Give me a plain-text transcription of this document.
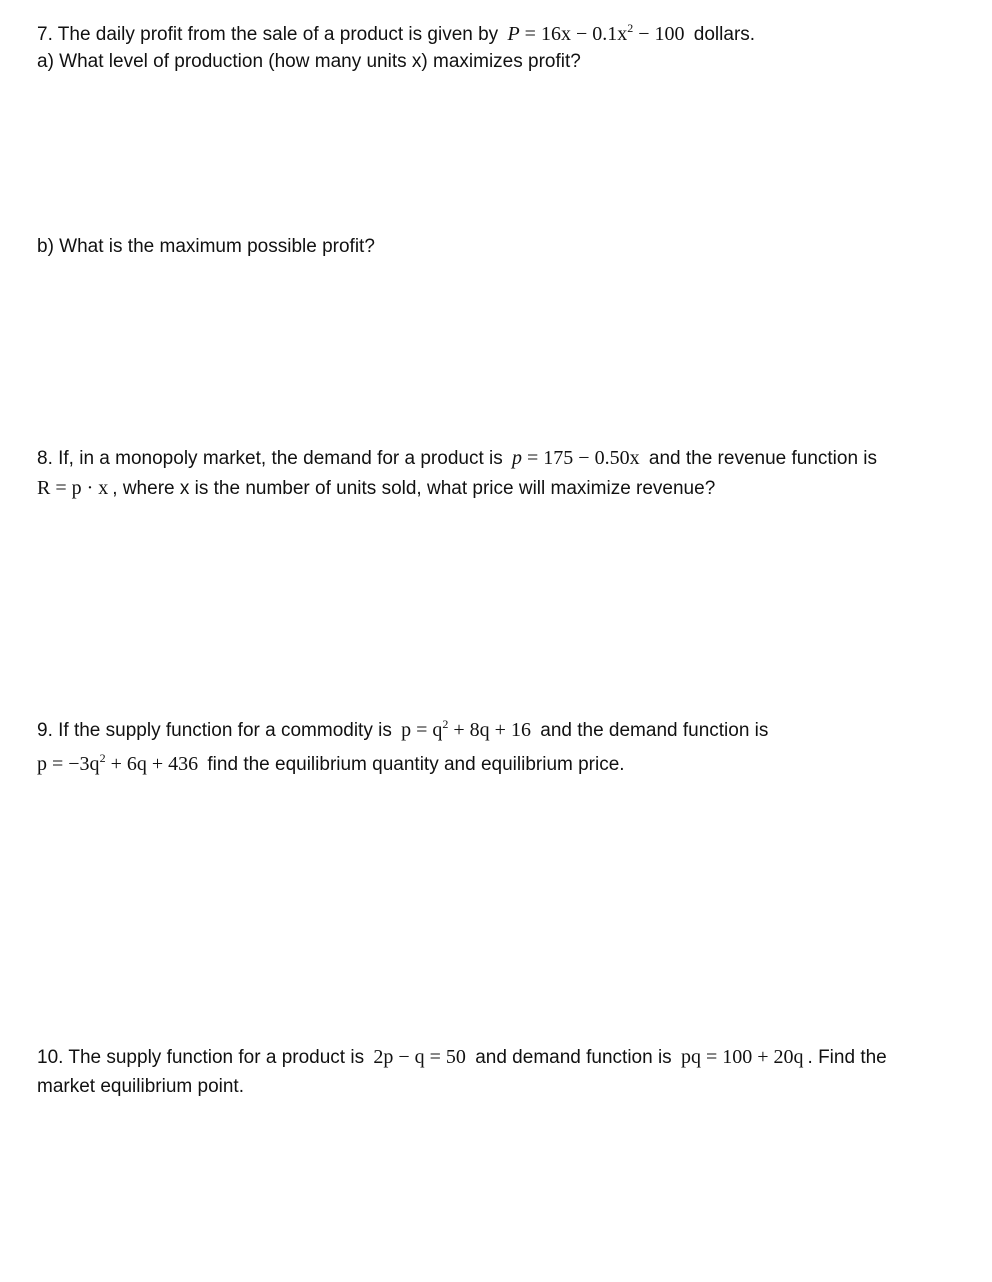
7. The daily profit from the sale of a product is given by $P = 16x - 0.1x^2 - 100$ dollars.
a) What level of production (how many units x) maximizes profit?
b) What is the maximum possible profit?
8. If, in a monopoly market, the demand for a product is p = 175 − 0.50x and the revenue function is
R = p · x , where x is the number of units sold, what price will maximize revenue?
9. If the supply function for a commodity is $p = q^2 + 8q + 16$ and the demand function is
$p = -3q^2 + 6q + 436$ find the equilibrium quantity and equilibrium price.
10. The supply function for a product is 2p − q = 50 and demand function is pq = 100 + 20q . Find the
market equilibrium point.
